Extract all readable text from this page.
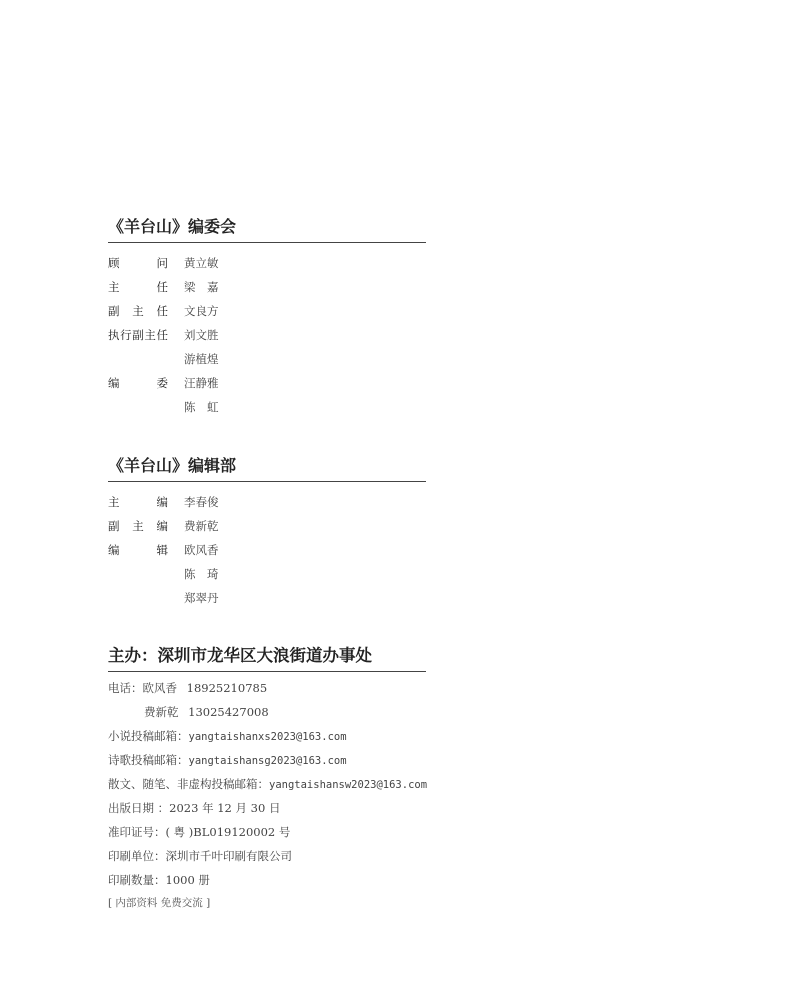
《羊台山》编委会
顾	问 黄立敏
主	任 梁　嘉
副 主 任 文良方
执 行 副 主 任 刘文胜
游植煌
编	委 汪静雅
陈　虹
《羊台山》编辑部
主	编 李春俊
副 主 编 费新乾
编	辑 欧风香
陈　琦
郑翠丹
主办：深圳市龙华区大浪街道办事处
电话：欧风香 18925210785
费新乾 13025427008
小说投稿邮箱：yangtaishanxs2023@163.com
诗歌投稿邮箱：yangtaishansg2023@163.com
散文、随笔、非虚构投稿邮箱：yangtaishansw2023@163.com
出版日期 ：2023 年 12 月 30 日
准印证号：( 粤 )BL019120002 号
印刷单位：深圳市千叶印刷有限公司
印刷数量：1000 册
[ 内部资料 免费交流 ]
